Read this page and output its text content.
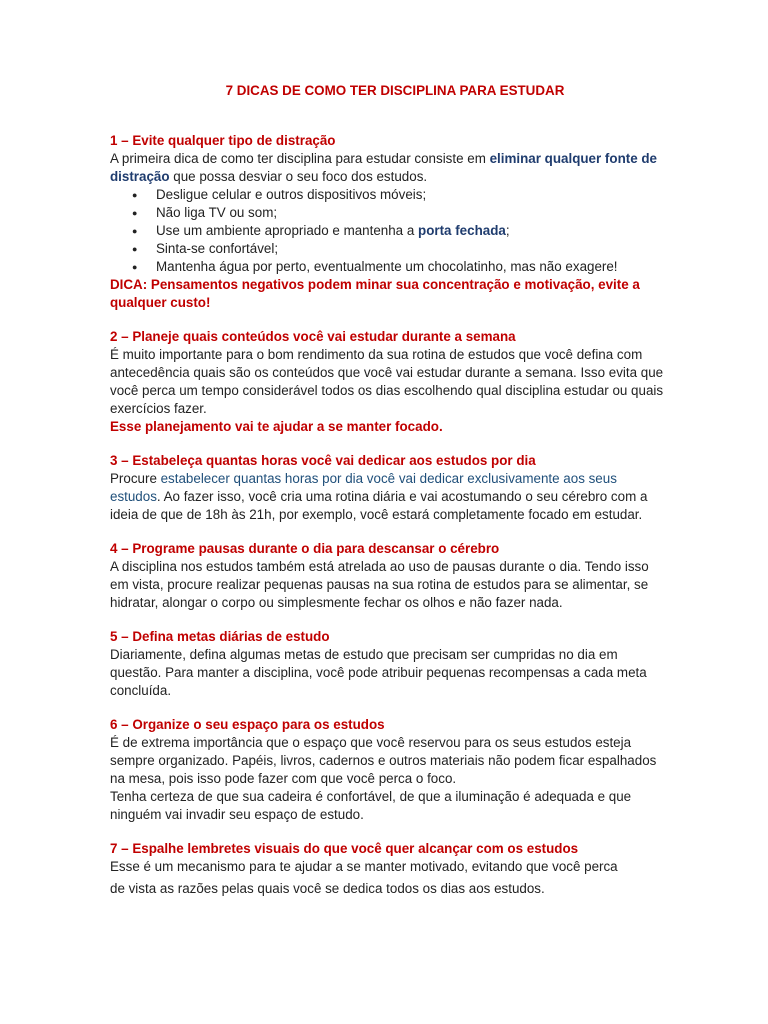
7 DICAS DE COMO TER DISCIPLINA PARA ESTUDAR

1 – Evite qualquer tipo de distração

A primeira dica de como ter disciplina para estudar consiste em eliminar qualquer fonte de distração que possa desviar o seu foco dos estudos.

● Desligue celular e outros dispositivos móveis;
● Não liga TV ou som;
● Use um ambiente apropriado e mantenha a porta fechada;
● Sinta-se confortável;
● Mantenha água por perto, eventualmente um chocolatinho, mas não exagere!

DICA: Pensamentos negativos podem minar sua concentração e motivação, evite a qualquer custo!

2 – Planeje quais conteúdos você vai estudar durante a semana

É muito importante para o bom rendimento da sua rotina de estudos que você defina com antecedência quais são os conteúdos que você vai estudar durante a semana. Isso evita que você perca um tempo considerável todos os dias escolhendo qual disciplina estudar ou quais exercícios fazer.

Esse planejamento vai te ajudar a se manter focado.

3 – Estabeleça quantas horas você vai dedicar aos estudos por dia

Procure estabelecer quantas horas por dia você vai dedicar exclusivamente aos seus estudos. Ao fazer isso, você cria uma rotina diária e vai acostumando o seu cérebro com a ideia de que de 18h às 21h, por exemplo, você estará completamente focado em estudar.

4 – Programe pausas durante o dia para descansar o cérebro

A disciplina nos estudos também está atrelada ao uso de pausas durante o dia. Tendo isso em vista, procure realizar pequenas pausas na sua rotina de estudos para se alimentar, se hidratar, alongar o corpo ou simplesmente fechar os olhos e não fazer nada.

5 – Defina metas diárias de estudo

Diariamente, defina algumas metas de estudo que precisam ser cumpridas no dia em questão. Para manter a disciplina, você pode atribuir pequenas recompensas a cada meta concluída.

6 – Organize o seu espaço para os estudos

É de extrema importância que o espaço que você reservou para os seus estudos esteja sempre organizado. Papéis, livros, cadernos e outros materiais não podem ficar espalhados na mesa, pois isso pode fazer com que você perca o foco.

Tenha certeza de que sua cadeira é confortável, de que a iluminação é adequada e que ninguém vai invadir seu espaço de estudo.

7 – Espalhe lembretes visuais do que você quer alcançar com os estudos

Esse é um mecanismo para te ajudar a se manter motivado, evitando que você perca

de vista as razões pelas quais você se dedica todos os dias aos estudos.
